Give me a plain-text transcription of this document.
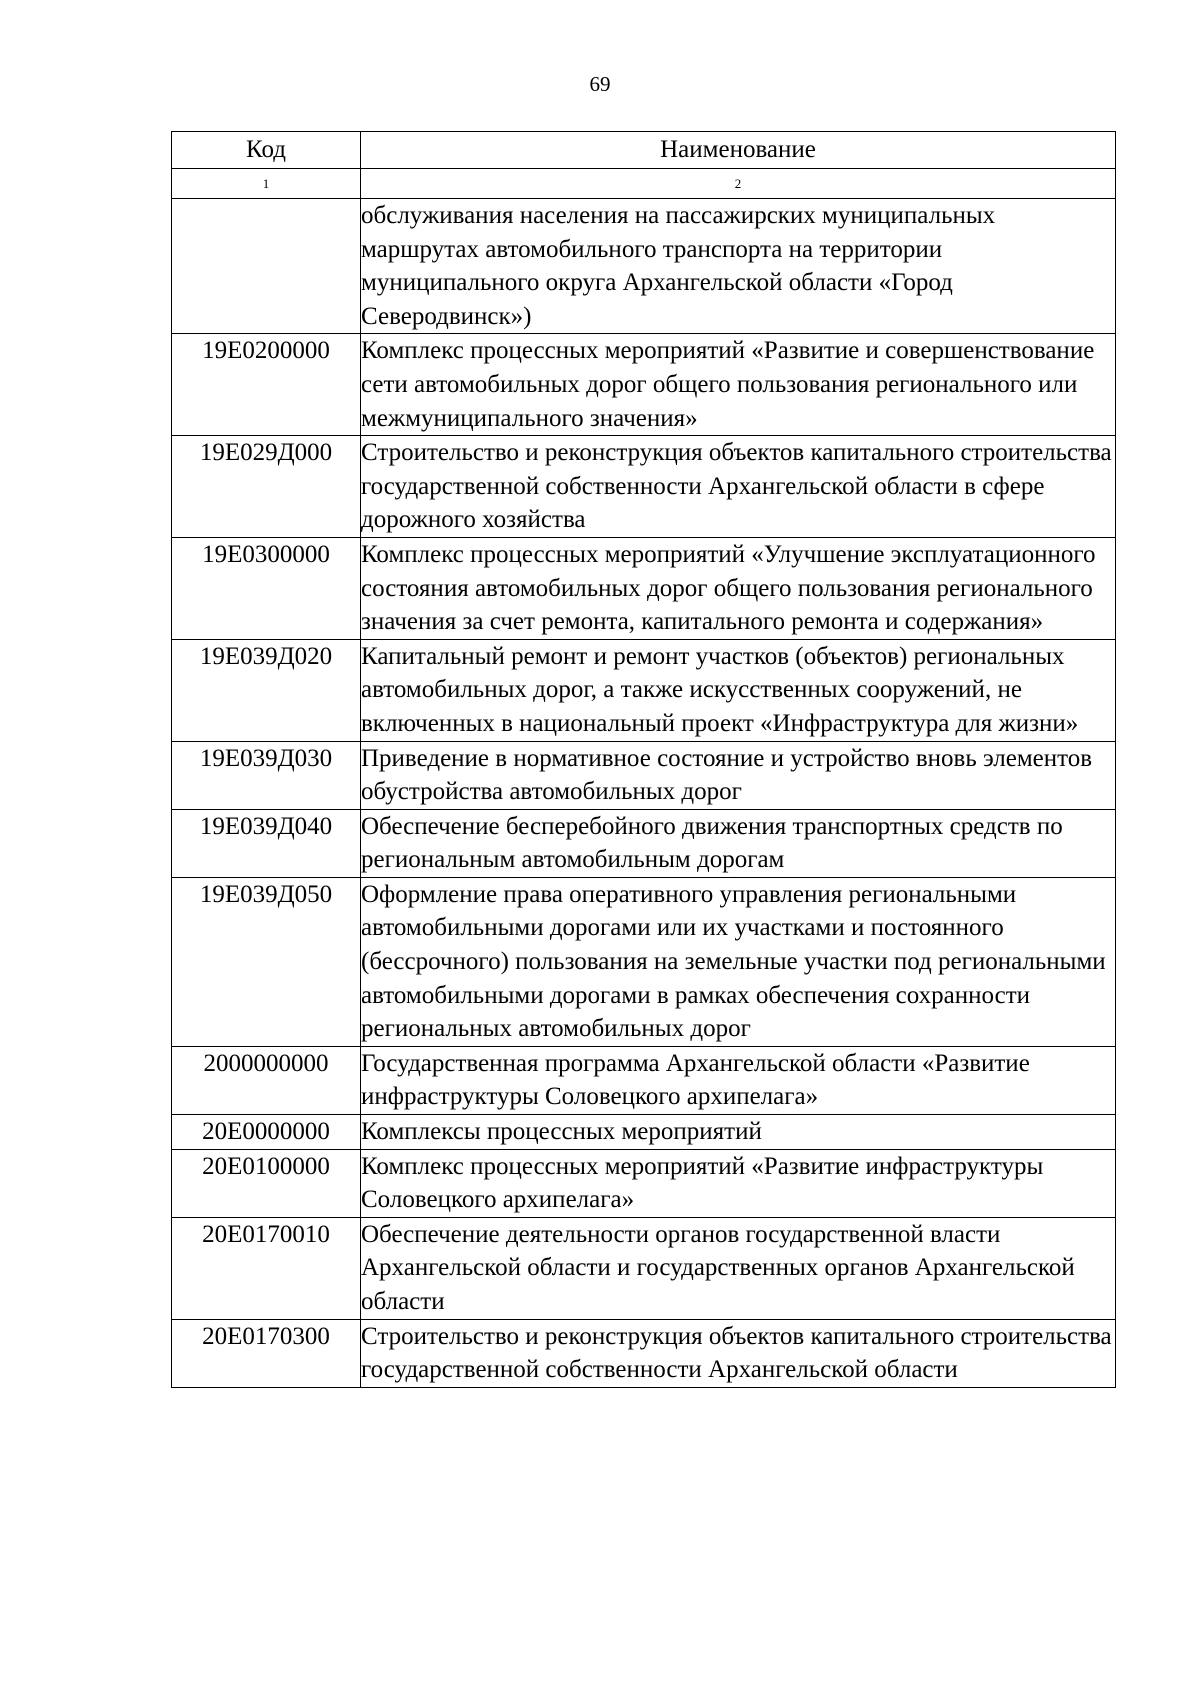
69
Код	Наименование
1	2
	обслуживания населения на пассажирских муниципальных маршрутах автомобильного транспорта на территории муниципального округа Архангельской области «Город Северодвинск»)
19Е0200000	Комплекс процессных мероприятий «Развитие и совершенствование сети автомобильных дорог общего пользования регионального или межмуниципального значения»
19Е029Д000	Строительство и реконструкция объектов капитального строительства государственной собственности Архангельской области в сфере дорожного хозяйства
19Е0300000	Комплекс процессных мероприятий «Улучшение эксплуатационного состояния автомобильных дорог общего пользования регионального значения за счет ремонта, капитального ремонта и содержания»
19Е039Д020	Капитальный ремонт и ремонт участков (объектов) региональных автомобильных дорог, а также искусственных сооружений, не включенных в национальный проект «Инфраструктура для жизни»
19Е039Д030	Приведение в нормативное состояние и устройство вновь элементов обустройства автомобильных дорог
19Е039Д040	Обеспечение бесперебойного движения транспортных средств по региональным автомобильным дорогам
19Е039Д050	Оформление права оперативного управления региональными автомобильными дорогами или их участками и постоянного (бессрочного) пользования на земельные участки под региональными автомобильными дорогами в рамках обеспечения сохранности региональных автомобильных дорог
2000000000	Государственная программа Архангельской области «Развитие инфраструктуры Соловецкого архипелага»
20Е0000000	Комплексы процессных мероприятий
20Е0100000	Комплекс процессных мероприятий «Развитие инфраструктуры Соловецкого архипелага»
20Е0170010	Обеспечение деятельности органов государственной власти Архангельской области и государственных органов Архангельской области
20Е0170300	Строительство и реконструкция объектов капитального строительства государственной собственности Архангельской области
